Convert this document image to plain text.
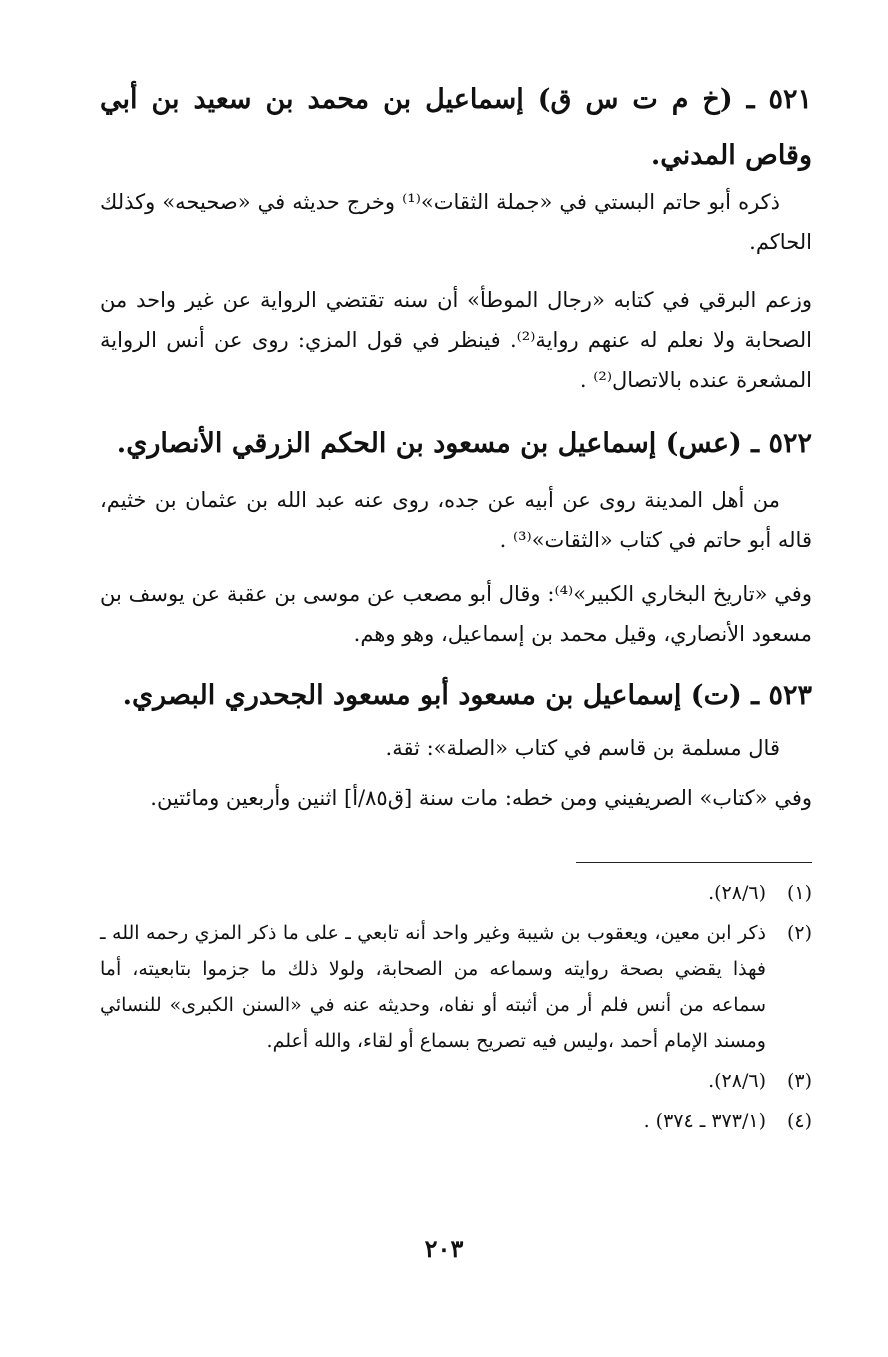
٥٢١ ـ (خ م ت س ق) إسماعيل بن محمد بن سعيد بن أبي وقاص المدني.

ذكره أبو حاتم البستي في «جملة الثقات»⁽¹⁾ وخرج حديثه في «صحيحه» وكذلك الحاكم.

وزعم البرقي في كتابه «رجال الموطأ» أن سنه تقتضي الرواية عن غير واحد من الصحابة ولا نعلم له عنهم رواية⁽²⁾. فينظر في قول المزي: روى عن أنس الرواية المشعرة عنده بالاتصال⁽²⁾ .

٥٢٢ ـ (عس) إسماعيل بن مسعود بن الحكم الزرقي الأنصاري.

من أهل المدينة روى عن أبيه عن جده، روى عنه عبد الله بن عثمان بن خثيم، قاله أبو حاتم في كتاب «الثقات»⁽³⁾ .

وفي «تاريخ البخاري الكبير»⁽⁴⁾: وقال أبو مصعب عن موسى بن عقبة عن يوسف بن مسعود الأنصاري، وقيل محمد بن إسماعيل، وهو وهم.

٥٢٣ ـ (ت) إسماعيل بن مسعود أبو مسعود الجحدري البصري.

قال مسلمة بن قاسم في كتاب «الصلة»: ثقة.

وفي «كتاب» الصريفيني ومن خطه: مات سنة [ق٨٥/أ] اثنين وأربعين ومائتين.

(١)
(٢٨/٦).
(٢)
ذكر ابن معين، ويعقوب بن شيبة وغير واحد أنه تابعي ـ على ما ذكر المزي رحمه الله ـ فهذا يقضي بصحة روايته وسماعه من الصحابة، ولولا ذلك ما جزموا بتابعيته، أما سماعه من أنس فلم أر من أثبته أو نفاه، وحديثه عنه في «السنن الكبرى» للنسائي ومسند الإمام أحمد ،وليس فيه تصريح بسماع أو لقاء، والله أعلم.
(٣)
(٢٨/٦).
(٤)
(٣٧٣/١ ـ ٣٧٤) .
٢٠٣
